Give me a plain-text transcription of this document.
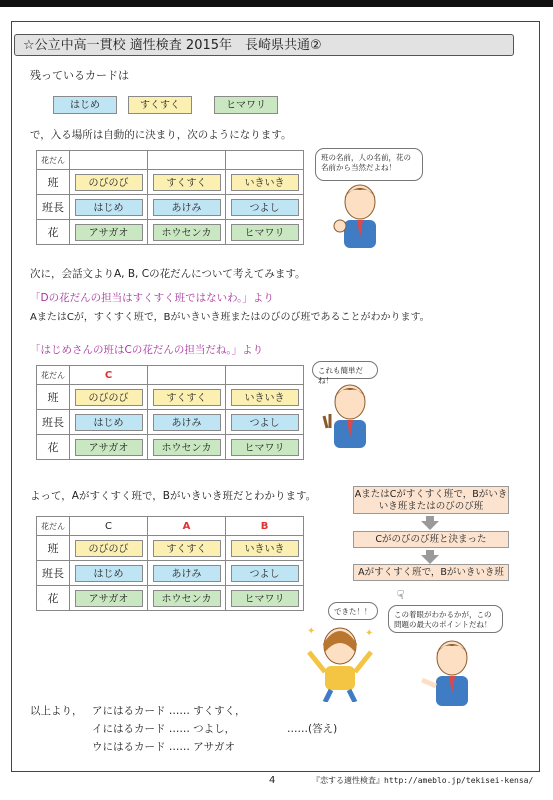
☆公立中高一貫校 適性検査 2015年　長崎県共通②
残っているカードは
はじめ	すくすく	ヒマワリ
で，入る場所は自動的に決まり，次のようになります。
花だん			
班	のびのび	すくすく	いきいき
班長	はじめ	あけみ	つよし
花	アサガオ	ホウセンカ	ヒマワリ
班の名前，人の名前，花の名前から当然だよね！
次に，会話文よりA, B, Cの花だんについて考えてみます。
「Dの花だんの担当はすくすく班ではないわ。」より
AまたはCが，すくすく班で，Bがいきいき班またはのびのび班であることがわかります。
「はじめさんの班はCの花だんの担当だね。」より
花だん	C		
班	のびのび	すくすく	いきいき
班長	はじめ	あけみ	つよし
花	アサガオ	ホウセンカ	ヒマワリ
これも簡単だね！
よって，Aがすくすく班で，Bがいきいき班だとわかります。	AまたはCがすくすく班で，Bがいきいき班またはのびのび班
Cがのびのび班と決まった
Aがすくすく班で，Bがいきいき班
花だん	C	A	B
班	のびのび	すくすく	いきいき
班長	はじめ	あけみ	つよし
花	アサガオ	ホウセンカ	ヒマワリ
できた！！
✦	✦
この着眼がわかるかが，この問題の最大のポイントだね！
☟
以上より， アにはるカード …… すくすく，
イにはるカード …… つよし，	……(答え)
ウにはるカード …… アサガオ
4	『恋する適性検査』http://ameblo.jp/tekisei-kensa/
